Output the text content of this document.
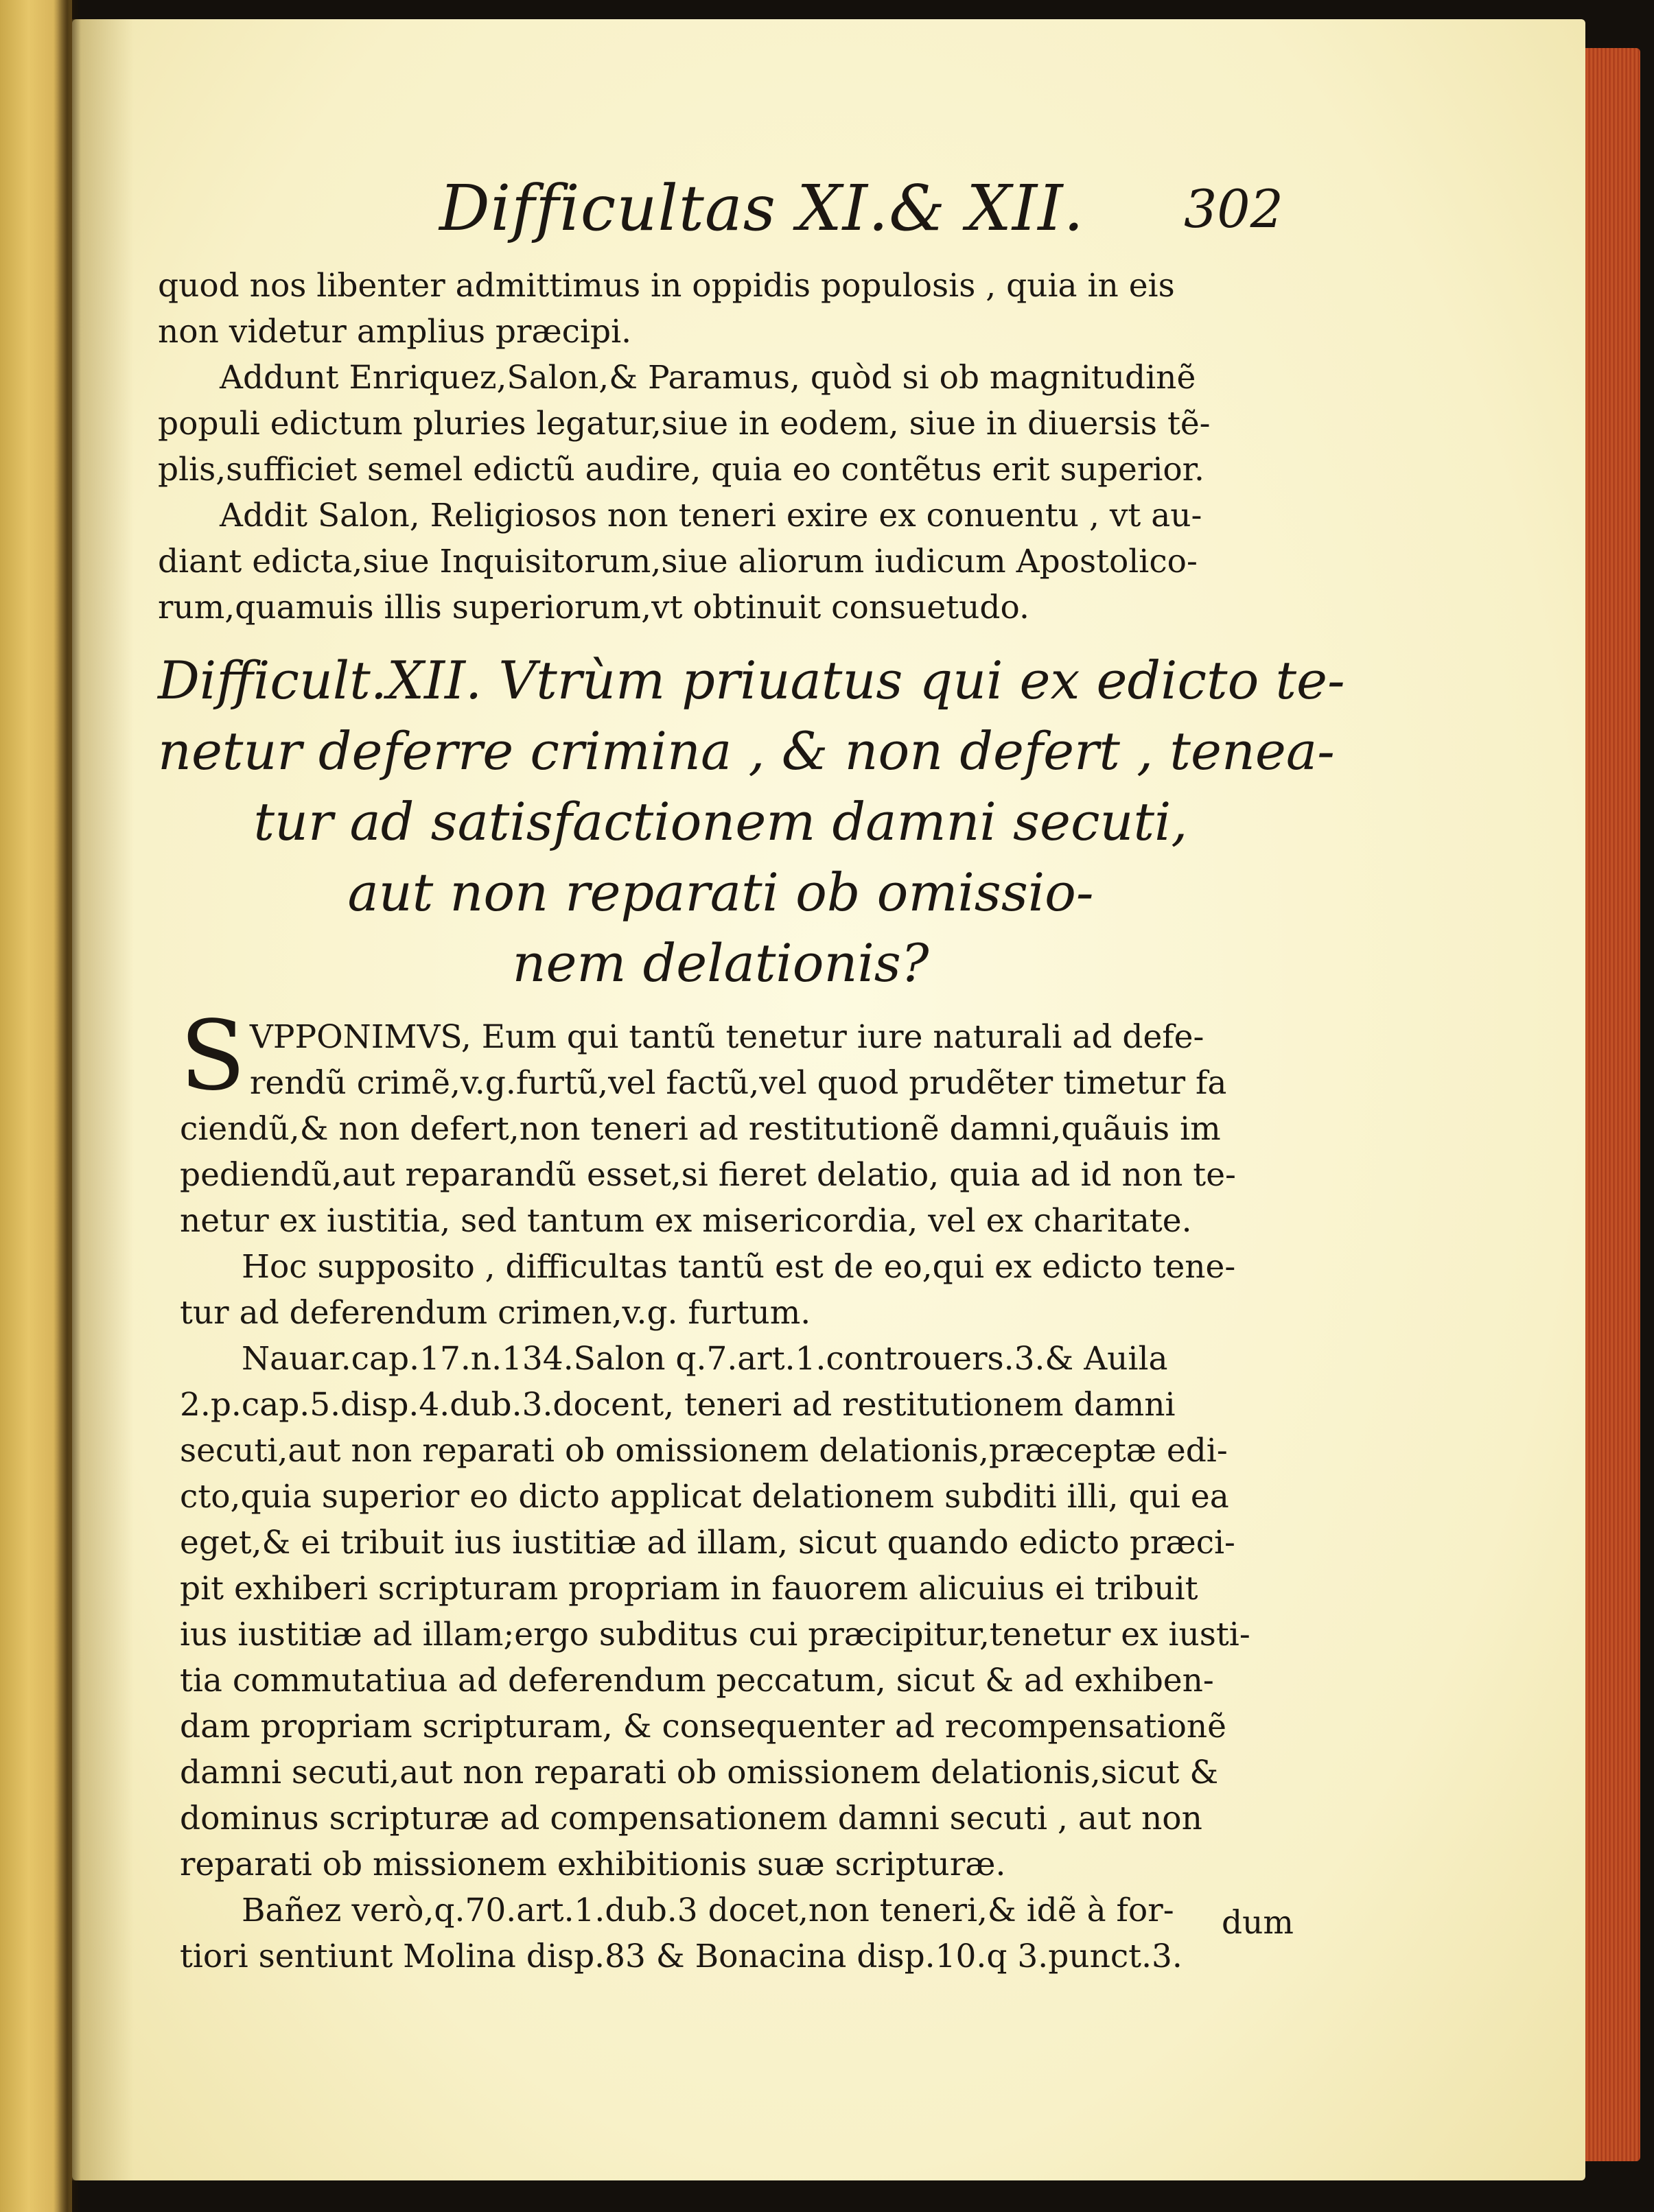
Difficultas XI.& XII. 302
quod nos libenter admittimus in oppidis populosis , quia in eis
non videtur amplius præcipi.
Addunt Enriquez,Salon,& Paramus, quòd si ob magnitudinẽ
populi edictum pluries legatur,siue in eodem, siue in diuersis tẽ-
plis,sufficiet semel edictũ audire, quia eo contẽtus erit superior.
Addit Salon, Religiosos non teneri exire ex conuentu , vt au-
diant edicta,siue Inquisitorum,siue aliorum iudicum Apostolico-
rum,quamuis illis superiorum,vt obtinuit consuetudo.
Difficult.XII. Vtrùm priuatus qui ex edicto te-
netur deferre crimina , & non defert , tenea-
tur ad satisfactionem damni secuti,
aut non reparati ob omissio-
nem delationis?
S VPPONIMVS, Eum qui tantũ tenetur iure naturali ad defe-
rendũ crimẽ,v.g.furtũ,vel factũ,vel quod prudẽter timetur fa
ciendũ,& non defert,non teneri ad restitutionẽ damni,quãuis im
pediendũ,aut reparandũ esset,si fieret delatio, quia ad id non te-
netur ex iustitia, sed tantum ex misericordia, vel ex charitate.
Hoc supposito , difficultas tantũ est de eo,qui ex edicto tene-
tur ad deferendum crimen,v.g. furtum.
Nauar.cap.17.n.134.Salon q.7.art.1.controuers.3.& Auila
2.p.cap.5.disp.4.dub.3.docent, teneri ad restitutionem damni
secuti,aut non reparati ob omissionem delationis,præceptæ edi-
cto,quia superior eo dicto applicat delationem subditi illi, qui ea
eget,& ei tribuit ius iustitiæ ad illam, sicut quando edicto præci-
pit exhiberi scripturam propriam in fauorem alicuius ei tribuit
ius iustitiæ ad illam;ergo subditus cui præcipitur,tenetur ex iusti-
tia commutatiua ad deferendum peccatum, sicut & ad exhiben-
dam propriam scripturam, & consequenter ad recompensationẽ
damni secuti,aut non reparati ob omissionem delationis,sicut &
dominus scripturæ ad compensationem damni secuti , aut non
reparati ob missionem exhibitionis suæ scripturæ.
Bañez verò,q.70.art.1.dub.3 docet,non teneri,& idẽ à for-
tiori sentiunt Molina disp.83 & Bonacina disp.10.q 3.punct.3.
dum
